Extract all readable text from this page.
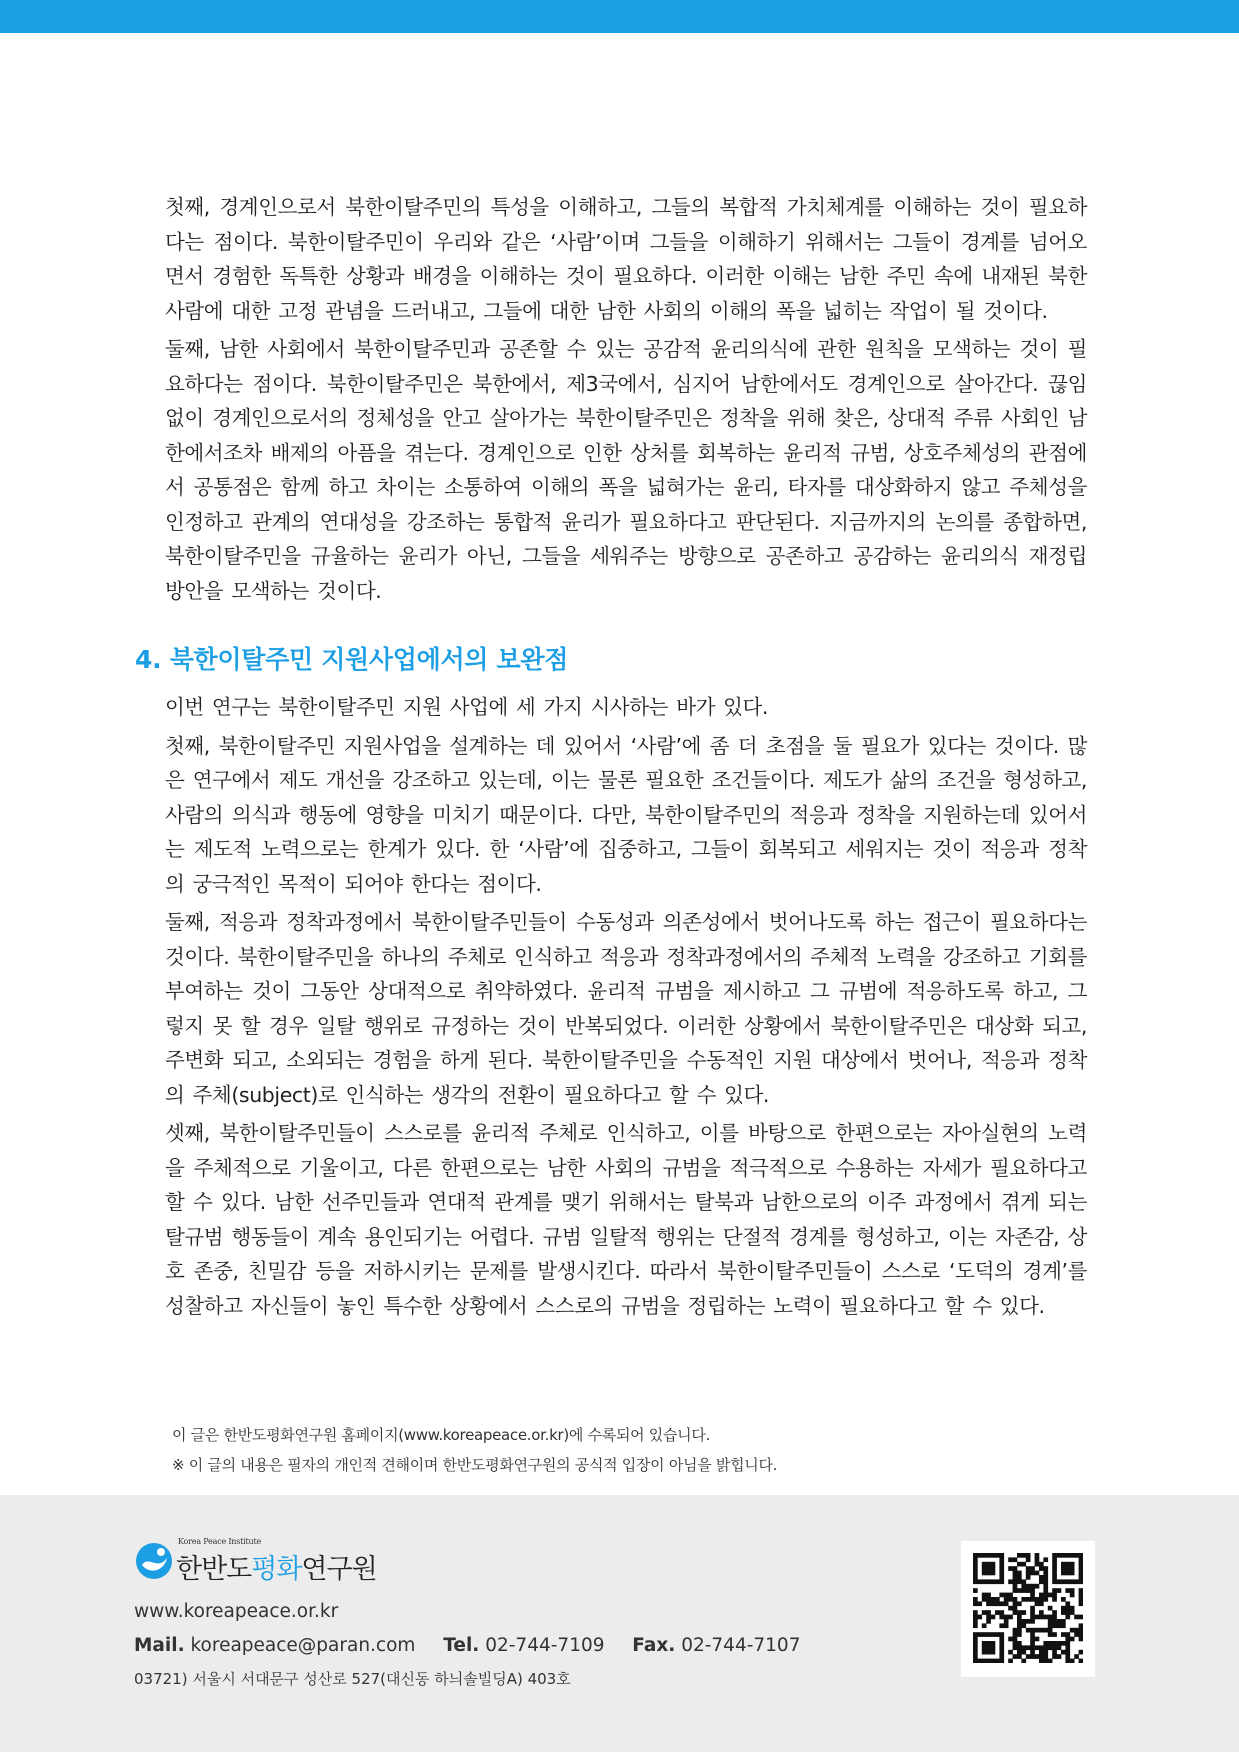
첫째, 경계인으로서 북한이탈주민의 특성을 이해하고, 그들의 복합적 가치체계를 이해하는 것이 필요하다는 점이다. 북한이탈주민이 우리와 같은 ‘사람’이며 그들을 이해하기 위해서는 그들이 경계를 넘어오면서 경험한 독특한 상황과 배경을 이해하는 것이 필요하다. 이러한 이해는 남한 주민 속에 내재된 북한 사람에 대한 고정 관념을 드러내고, 그들에 대한 남한 사회의 이해의 폭을 넓히는 작업이 될 것이다.

둘째, 남한 사회에서 북한이탈주민과 공존할 수 있는 공감적 윤리의식에 관한 원칙을 모색하는 것이 필요하다는 점이다. 북한이탈주민은 북한에서, 제3국에서, 심지어 남한에서도 경계인으로 살아간다. 끊임없이 경계인으로서의 정체성을 안고 살아가는 북한이탈주민은 정착을 위해 찾은, 상대적 주류 사회인 남한에서조차 배제의 아픔을 겪는다. 경계인으로 인한 상처를 회복하는 윤리적 규범, 상호주체성의 관점에서 공통점은 함께 하고 차이는 소통하여 이해의 폭을 넓혀가는 윤리, 타자를 대상화하지 않고 주체성을 인정하고 관계의 연대성을 강조하는 통합적 윤리가 필요하다고 판단된다. 지금까지의 논의를 종합하면, 북한이탈주민을 규율하는 윤리가 아닌, 그들을 세워주는 방향으로 공존하고 공감하는 윤리의식 재정립 방안을 모색하는 것이다.

4. 북한이탈주민 지원사업에서의 보완점

이번 연구는 북한이탈주민 지원 사업에 세 가지 시사하는 바가 있다.

첫째, 북한이탈주민 지원사업을 설계하는 데 있어서 ‘사람’에 좀 더 초점을 둘 필요가 있다는 것이다. 많은 연구에서 제도 개선을 강조하고 있는데, 이는 물론 필요한 조건들이다. 제도가 삶의 조건을 형성하고, 사람의 의식과 행동에 영향을 미치기 때문이다. 다만, 북한이탈주민의 적응과 정착을 지원하는데 있어서는 제도적 노력으로는 한계가 있다. 한 ‘사람’에 집중하고, 그들이 회복되고 세워지는 것이 적응과 정착의 궁극적인 목적이 되어야 한다는 점이다.

둘째, 적응과 정착과정에서 북한이탈주민들이 수동성과 의존성에서 벗어나도록 하는 접근이 필요하다는 것이다. 북한이탈주민을 하나의 주체로 인식하고 적응과 정착과정에서의 주체적 노력을 강조하고 기회를 부여하는 것이 그동안 상대적으로 취약하였다. 윤리적 규범을 제시하고 그 규범에 적응하도록 하고, 그렇지 못 할 경우 일탈 행위로 규정하는 것이 반복되었다. 이러한 상황에서 북한이탈주민은 대상화 되고, 주변화 되고, 소외되는 경험을 하게 된다. 북한이탈주민을 수동적인 지원 대상에서 벗어나, 적응과 정착의 주체(subject)로 인식하는 생각의 전환이 필요하다고 할 수 있다.

셋째, 북한이탈주민들이 스스로를 윤리적 주체로 인식하고, 이를 바탕으로 한편으로는 자아실현의 노력을 주체적으로 기울이고, 다른 한편으로는 남한 사회의 규범을 적극적으로 수용하는 자세가 필요하다고 할 수 있다. 남한 선주민들과 연대적 관계를 맺기 위해서는 탈북과 남한으로의 이주 과정에서 겪게 되는 탈규범 행동들이 계속 용인되기는 어렵다. 규범 일탈적 행위는 단절적 경계를 형성하고, 이는 자존감, 상호 존중, 친밀감 등을 저하시키는 문제를 발생시킨다. 따라서 북한이탈주민들이 스스로 ‘도덕의 경계’를 성찰하고 자신들이 놓인 특수한 상황에서 스스로의 규범을 정립하는 노력이 필요하다고 할 수 있다.

이 글은 한반도평화연구원 홈페이지(www.koreapeace.or.kr)에 수록되어 있습니다.
※ 이 글의 내용은 필자의 개인적 견해이며 한반도평화연구원의 공식적 입장이 아님을 밝힙니다.
Korea Peace Institute
한반도평화연구원
www.koreapeace.or.kr
Mail. koreapeace@paran.com Tel. 02-744-7109 Fax. 02-744-7107
03721) 서울시 서대문구 성산로 527(대신동 하늬솔빌딩A) 403호
